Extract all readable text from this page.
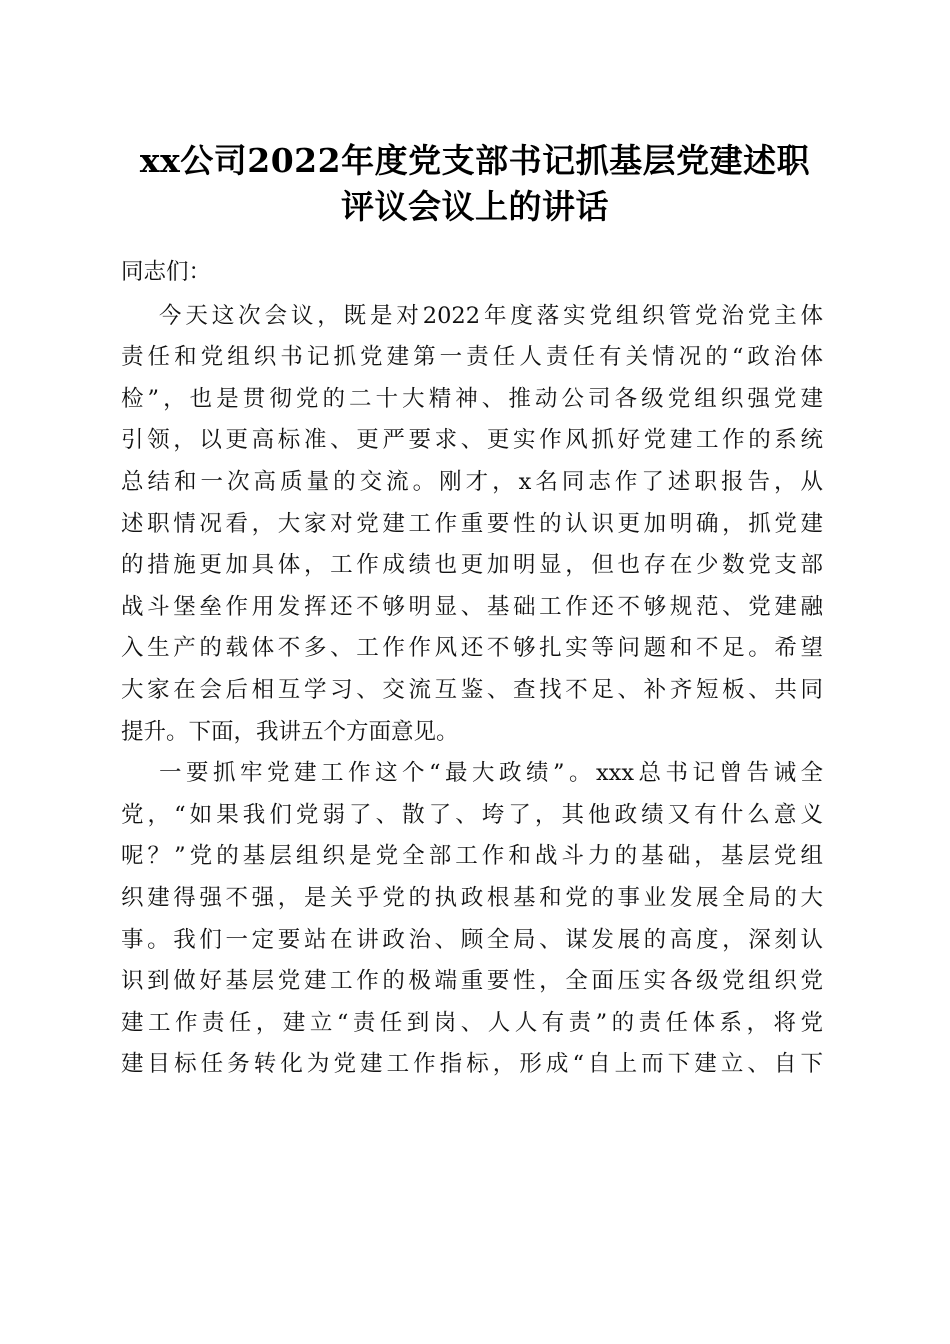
xx公司2022年度党支部书记抓基层党建述职
评议会议上的讲话
同志们：
今天这次会议，既是对2022年度落实党组织管党治党主体
责任和党组织书记抓党建第一责任人责任有关情况的“政治体
检”，也是贯彻党的二十大精神、推动公司各级党组织强党建
引领，以更高标准、更严要求、更实作风抓好党建工作的系统
总结和一次高质量的交流。刚才，x名同志作了述职报告，从
述职情况看，大家对党建工作重要性的认识更加明确，抓党建
的措施更加具体，工作成绩也更加明显，但也存在少数党支部
战斗堡垒作用发挥还不够明显、基础工作还不够规范、党建融
入生产的载体不多、工作作风还不够扎实等问题和不足。希望
大家在会后相互学习、交流互鉴、查找不足、补齐短板、共同
提升。下面，我讲五个方面意见。
一要抓牢党建工作这个“最大政绩”。xxx总书记曾告诫全
党，“如果我们党弱了、散了、垮了，其他政绩又有什么意义
呢？”党的基层组织是党全部工作和战斗力的基础，基层党组
织建得强不强，是关乎党的执政根基和党的事业发展全局的大
事。我们一定要站在讲政治、顾全局、谋发展的高度，深刻认
识到做好基层党建工作的极端重要性，全面压实各级党组织党
建工作责任，建立“责任到岗、人人有责”的责任体系，将党
建目标任务转化为党建工作指标，形成“自上而下建立、自下
